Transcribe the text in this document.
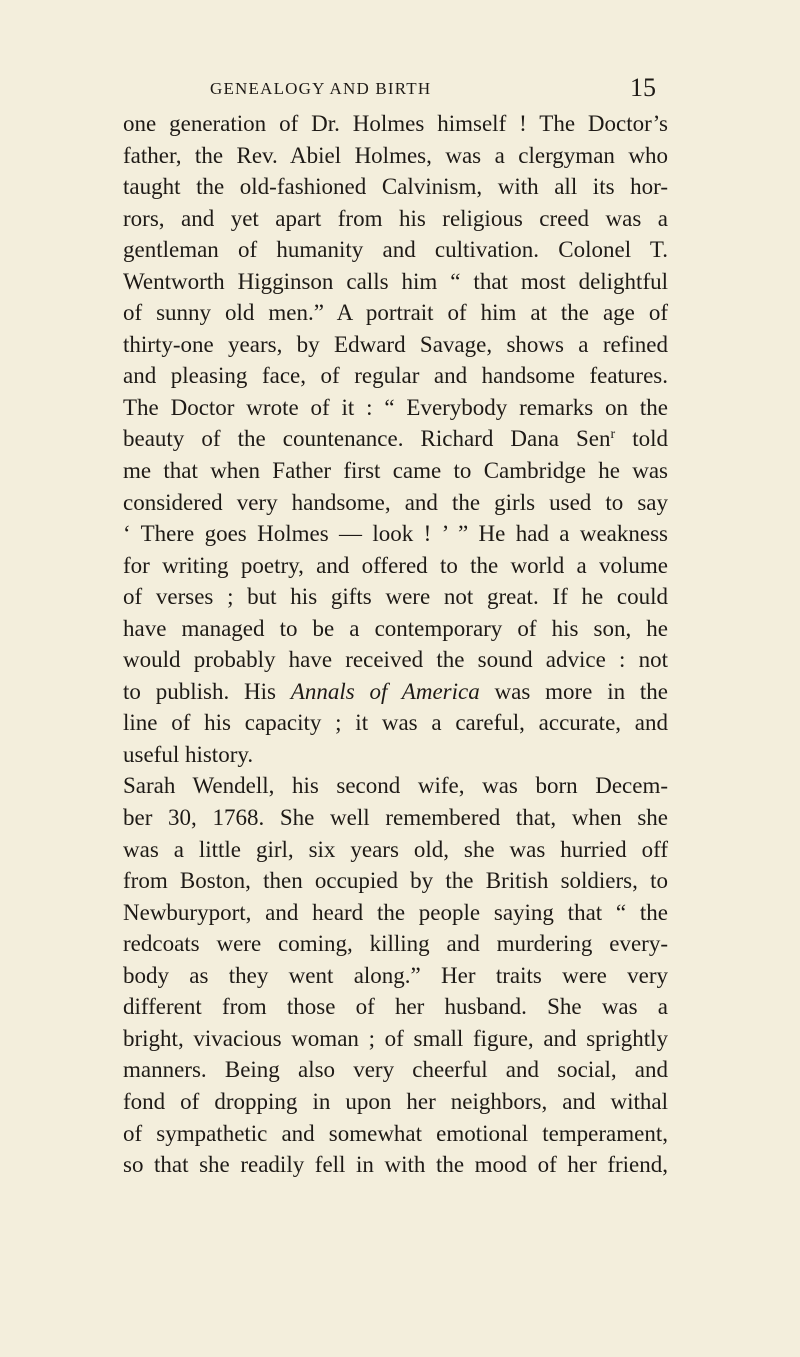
GENEALOGY AND BIRTH	15
one generation of Dr. Holmes himself ! The Doctor’s
father, the Rev. Abiel Holmes, was a clergyman who
taught the old-fashioned Calvinism, with all its hor-
rors, and yet apart from his religious creed was a
gentleman of humanity and cultivation. Colonel T.
Wentworth Higginson calls him “ that most delightful
of sunny old men.” A portrait of him at the age of
thirty-one years, by Edward Savage, shows a refined
and pleasing face, of regular and handsome features.
The Doctor wrote of it : “ Everybody remarks on the
beauty of the countenance. Richard Dana Sen$^r$ told
me that when Father first came to Cambridge he was
considered very handsome, and the girls used to say
‘ There goes Holmes — look ! ’ ” He had a weakness
for writing poetry, and offered to the world a volume
of verses ; but his gifts were not great. If he could
have managed to be a contemporary of his son, he
would probably have received the sound advice : not
to publish. His Annals of America was more in the
line of his capacity ; it was a careful, accurate, and
useful history.
Sarah Wendell, his second wife, was born Decem-
ber 30, 1768. She well remembered that, when she
was a little girl, six years old, she was hurried off
from Boston, then occupied by the British soldiers, to
Newburyport, and heard the people saying that “ the
redcoats were coming, killing and murdering every-
body as they went along.” Her traits were very
different from those of her husband. She was a
bright, vivacious woman ; of small figure, and sprightly
manners. Being also very cheerful and social, and
fond of dropping in upon her neighbors, and withal
of sympathetic and somewhat emotional temperament,
so that she readily fell in with the mood of her friend,
